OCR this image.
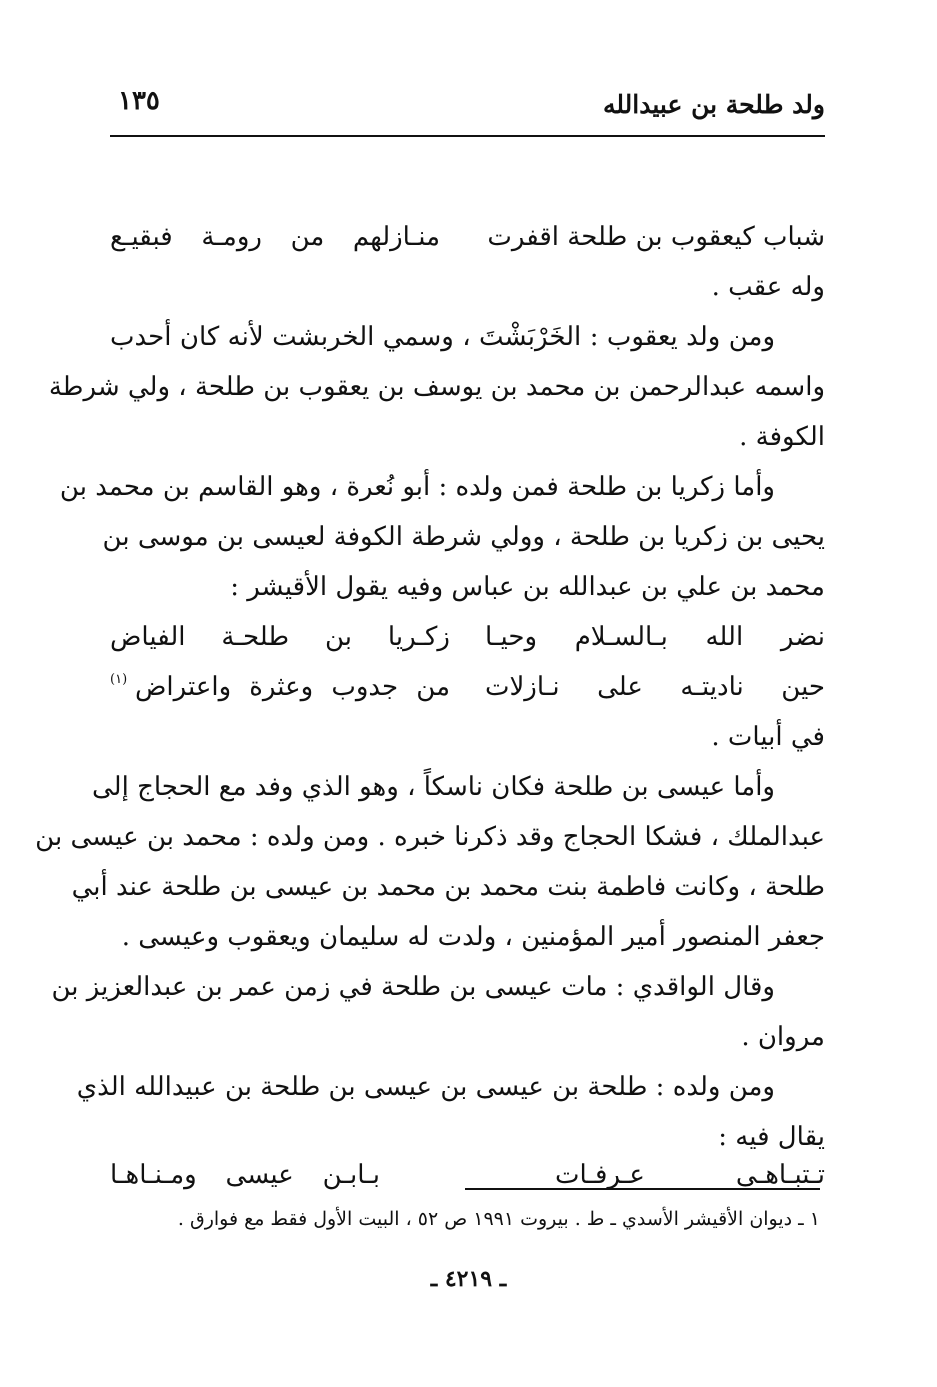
ولد طلحة بن عبيدالله
١٣٥
شباب كيعقوب بن طلحة اقفرت
منـازلهم من رومـة فبقيـع
وله عقب .
ومن ولد يعقوب : الخَرْبَشْتَ ، وسمي الخربشت لأنه كان أحدب
واسمه عبدالرحمن بن محمد بن يوسف بن يعقوب بن طلحة ، ولي شرطة
الكوفة .
وأما زكريا بن طلحة فمن ولده : أبو نُعرة ، وهو القاسم بن محمد بن
يحيى بن زكريا بن طلحة ، وولي شرطة الكوفة لعيسى بن موسى بن
محمد بن علي بن عبدالله بن عباس وفيه يقول الأقيشر :
نضر الله بـالسـلام وحيـا
زكـريا بن طلحـة الفياض
حين ناديتـه على نـازلات
من جدوب وعثرة واعتراض
(١)
في أبيات .
وأما عيسى بن طلحة فكان ناسكاً ، وهو الذي وفد مع الحجاج إلى
عبدالملك ، فشكا الحجاج وقد ذكرنا خبره . ومن ولده : محمد بن عيسى بن
طلحة ، وكانت فاطمة بنت محمد بن محمد بن عيسى بن طلحة عند أبي
جعفر المنصور أمير المؤمنين ، ولدت له سليمان ويعقوب وعيسى .
وقال الواقدي : مات عيسى بن طلحة في زمن عمر بن عبدالعزيز بن
مروان .
ومن ولده : طلحة بن عيسى بن عيسى بن طلحة بن عبيدالله الذي
يقال فيه :
تـتبـاهـى عـرفـات
بـابـن عيسى ومـنـاهـا
١ ـ ديوان الأقيشر الأسدي ـ ط . بيروت ١٩٩١ ص ٥٢ ، البيت الأول فقط مع فوارق .
ـ ٤٢١٩ ـ
